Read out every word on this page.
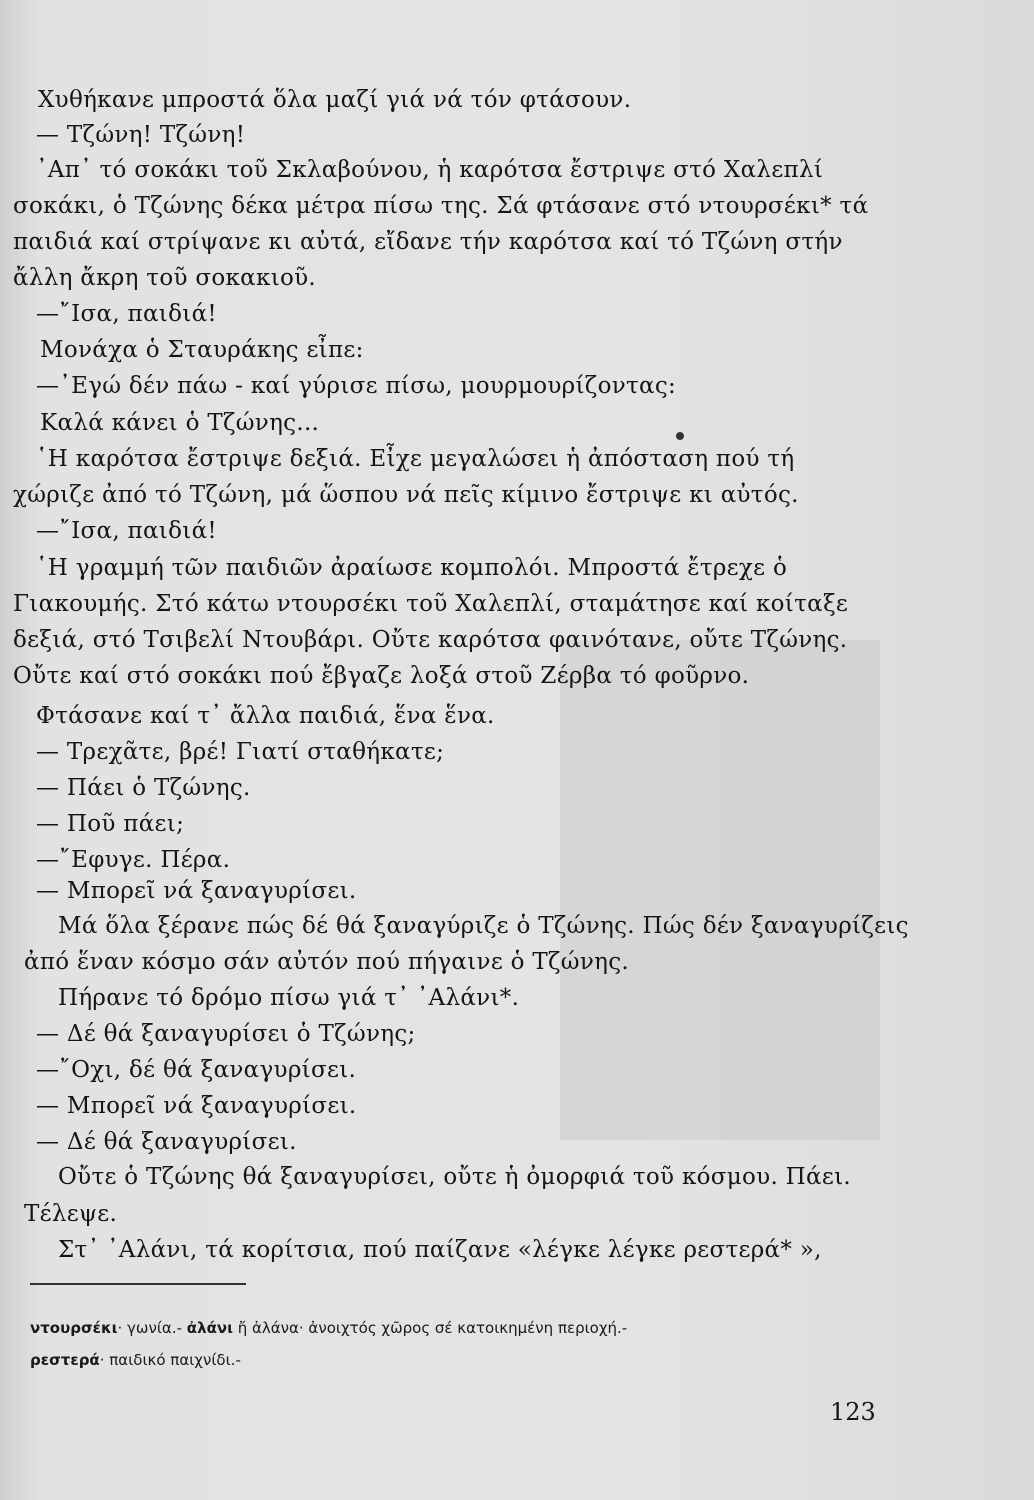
Χυθήκανε μπροστά ὅλα μαζί γιά νά τόν φτάσουν.
— Τζώνη! Τζώνη!
᾿Απ᾿ τό σοκάκι τοῦ Σκλαβούνου, ἡ καρότσα ἔστριψε στό Χαλεπλί
σοκάκι, ὁ Τζώνης δέκα μέτρα πίσω της. Σά φτάσανε στό ντουρσέκι* τά
παιδιά καί στρίψανε κι αὐτά, εἴδανε τήν καρότσα καί τό Τζώνη στήν
ἄλλη ἄκρη τοῦ σοκακιοῦ.
—῎Ισα, παιδιά!
Μονάχα ὁ Σταυράκης εἶπε:
—᾿Εγώ δέν πάω - καί γύρισε πίσω, μουρμουρίζοντας:
Καλά κάνει ὁ Τζώνης...
῾Η καρότσα ἔστριψε δεξιά. Εἶχε μεγαλώσει ἡ ἀπόσταση πού τή
χώριζε ἀπό τό Τζώνη, μά ὥσπου νά πεῖς κίμινο ἔστριψε κι αὐτός.
—῎Ισα, παιδιά!
῾Η γραμμή τῶν παιδιῶν ἀραίωσε κομπολόι. Μπροστά ἔτρεχε ὁ
Γιακουμής. Στό κάτω ντουρσέκι τοῦ Χαλεπλί, σταμάτησε καί κοίταξε
δεξιά, στό Τσιβελί Ντουβάρι. Οὔτε καρότσα φαινότανε, οὔτε Τζώνης.
Οὔτε καί στό σοκάκι πού ἔβγαζε λοξά στοῦ Ζέρβα τό φοῦρνο.
Φτάσανε καί τ᾿ ἄλλα παιδιά, ἕνα ἕνα.
— Τρεχᾶτε, βρέ! Γιατί σταθήκατε;
— Πάει ὁ Τζώνης.
— Ποῦ πάει;
—῎Εφυγε. Πέρα.
— Μπορεῖ νά ξαναγυρίσει.
Μά ὅλα ξέρανε πώς δέ θά ξαναγύριζε ὁ Τζώνης. Πώς δέν ξαναγυρίζεις
ἀπό ἕναν κόσμο σάν αὐτόν πού πήγαινε ὁ Τζώνης.
Πήρανε τό δρόμο πίσω γιά τ᾿ ᾿Αλάνι*.
— Δέ θά ξαναγυρίσει ὁ Τζώνης;
—῎Οχι, δέ θά ξαναγυρίσει.
— Μπορεῖ νά ξαναγυρίσει.
— Δέ θά ξαναγυρίσει.
Οὔτε ὁ Τζώνης θά ξαναγυρίσει, οὔτε ἡ ὀμορφιά τοῦ κόσμου. Πάει.
Τέλεψε.
Στ᾿ ᾿Αλάνι, τά κορίτσια, πού παίζανε «λέγκε λέγκε ρεστερά* »,
ντουρσέκι· γωνία.- ἀλάνι ἤ ἀλάνα· ἀνοιχτός χῶρος σέ κατοικημένη περιοχή.-
ρεστερά· παιδικό παιχνίδι.-
123
